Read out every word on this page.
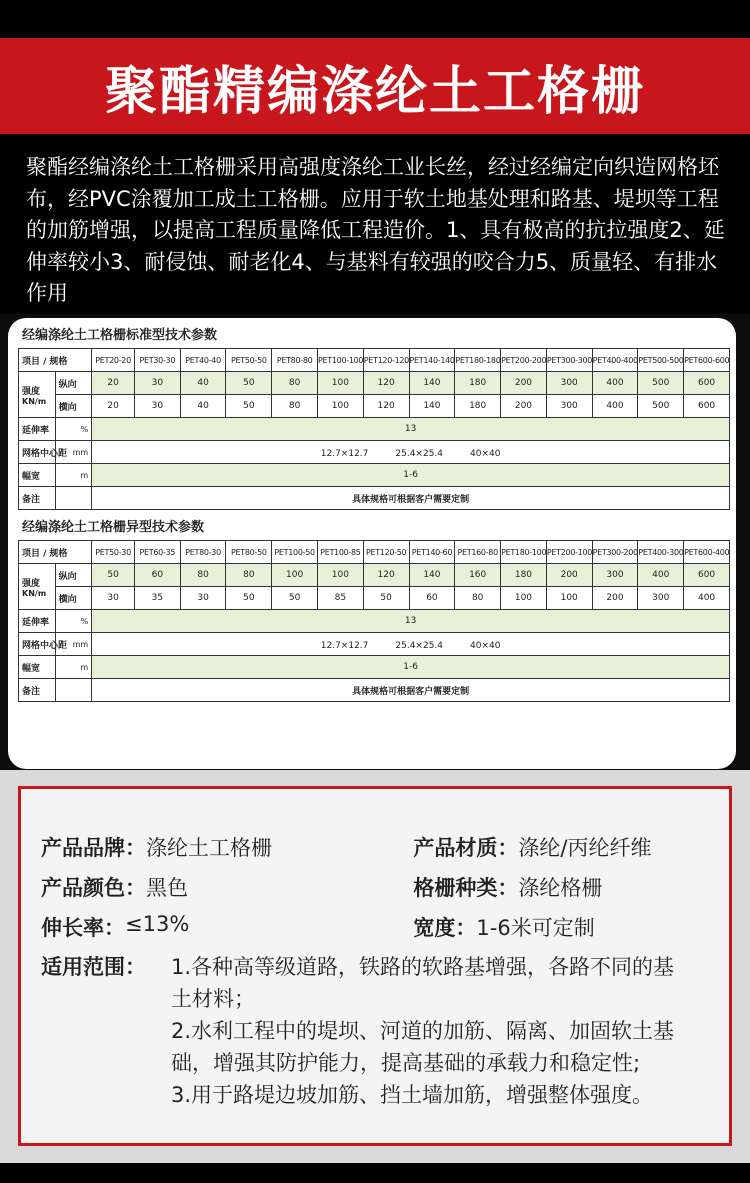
聚酯精编涤纶土工格栅

聚酯经编涤纶土工格栅采用高强度涤纶工业长丝，经过经编定向织造网格坯布，经PVC涂覆加工成土工格栅。应用于软土地基处理和路基、堤坝等工程的加筋增强，以提高工程质量降低工程造价。1、具有极高的抗拉强度2、延伸率较小3、耐侵蚀、耐老化4、与基料有较强的咬合力5、质量轻、有排水作用

经编涤纶土工格栅标准型技术参数
项目 / 规格		PET20-20	PET30-30	PET40-40	PET50-50	PET80-80	PET100-100	PET120-120	PET140-140	PET180-180	PET200-200	PET300-300	PET400-400	PET500-500	PET600-600

强度
KN/m	纵向	20	30	40	50	80	100	120	140	180	200	300	400	500	600
	横向	20	30	40	50	80	100	120	140	180	200	300	400	500	600
延伸率	%	13													
网格中心距	mm	12.7×12.7　　　25.4×25.4　　　40×40													
幅宽	m	1-6													
备注		具体规格可根据客户需要定制													
经编涤纶土工格栅异型技术参数
项目 / 规格		PET50-30	PET60-35	PET80-30	PET80-50	PET100-50	PET100-85	PET120-50	PET140-60	PET160-80	PET180-100	PET200-100	PET300-200	PET400-300	PET600-400

强度
KN/m	纵向	50	60	80	80	100	100	120	140	160	180	200	300	400	600
	横向	30	35	30	50	50	85	50	60	80	100	100	200	300	400
延伸率	%	13													
网格中心距	mm	12.7×12.7　　　25.4×25.4　　　40×40													
幅宽	m	1-6													
备注		具体规格可根据客户需要定制													
产品品牌： 涤纶土工格栅	产品材质： 涤纶/丙纶纤维
产品颜色： 黑色	格栅种类： 涤纶格栅
伸长率： ≤13%	宽度： 1-6米可定制
适用范围：	1.各种高等级道路，铁路的软路基增强，各路不同的基　土材料；
2.水利工程中的堤坝、河道的加筋、隔离、加固软土基　础，增强其防护能力，提高基础的承载力和稳定性;
3.用于路堤边坡加筋、挡土墙加筋，增强整体强度。
